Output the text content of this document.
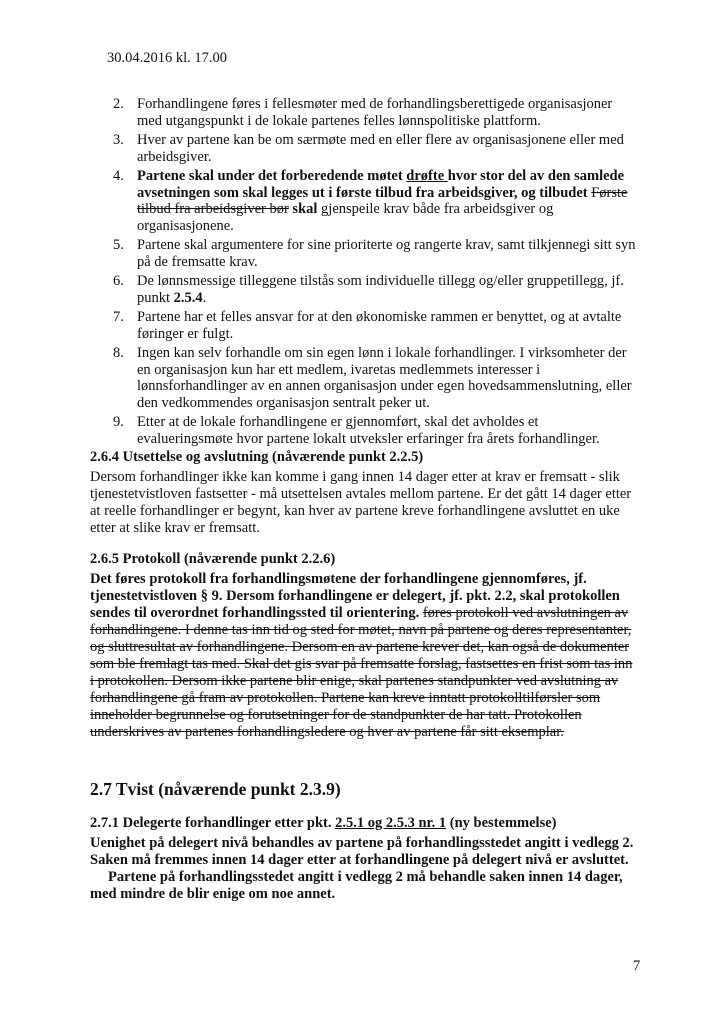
30.04.2016 kl. 17.00
2. Forhandlingene føres i fellesmøter med de forhandlingsberettigede organisasjoner med utgangspunkt i de lokale partenes felles lønnspolitiske plattform.
3. Hver av partene kan be om særmøte med en eller flere av organisasjonene eller med arbeidsgiver.
4. Partene skal under det forberedende møtet drøfte hvor stor del av den samlede avsetningen som skal legges ut i første tilbud fra arbeidsgiver, og tilbudet Første tilbud fra arbeidsgiver bør skal gjenspeile krav både fra arbeidsgiver og organisasjonene.
5. Partene skal argumentere for sine prioriterte og rangerte krav, samt tilkjennegi sitt syn på de fremsatte krav.
6. De lønnsmessige tilleggene tilstås som individuelle tillegg og/eller gruppetillegg, jf. punkt 2.5.4.
7. Partene har et felles ansvar for at den økonomiske rammen er benyttet, og at avtalte føringer er fulgt.
8. Ingen kan selv forhandle om sin egen lønn i lokale forhandlinger. I virksomheter der en organisasjon kun har ett medlem, ivaretas medlemmets interesser i lønnsforhandlinger av en annen organisasjon under egen hovedsammenslutning, eller den vedkommendes organisasjon sentralt peker ut.
9. Etter at de lokale forhandlingene er gjennomført, skal det avholdes et evalueringsmøte hvor partene lokalt utveksler erfaringer fra årets forhandlinger.
2.6.4 Utsettelse og avslutning (nåværende punkt 2.2.5)
Dersom forhandlinger ikke kan komme i gang innen 14 dager etter at krav er fremsatt - slik tjenestetvistloven fastsetter - må utsettelsen avtales mellom partene. Er det gått 14 dager etter at reelle forhandlinger er begynt, kan hver av partene kreve forhandlingene avsluttet en uke etter at slike krav er fremsatt.
2.6.5 Protokoll (nåværende punkt 2.2.6)
Det føres protokoll fra forhandlingsmøtene der forhandlingene gjennomføres, jf. tjenestetvistloven § 9. Dersom forhandlingene er delegert, jf. pkt. 2.2, skal protokollen sendes til overordnet forhandlingssted til orientering. føres protokoll ved avslutningen av forhandlingene. I denne tas inn tid og sted for møtet, navn på partene og deres representanter, og sluttresultat av forhandlingene. Dersom en av partene krever det, kan også de dokumenter som ble fremlagt tas med. Skal det gis svar på fremsatte forslag, fastsettes en frist som tas inn i protokollen. Dersom ikke partene blir enige, skal partenes standpunkter ved avslutning av forhandlingene gå fram av protokollen. Partene kan kreve inntatt protokolltilførsler som inneholder begrunnelse og forutsetninger for de standpunkter de har tatt. Protokollen underskrives av partenes forhandlingsledere og hver av partene får sitt eksemplar.
2.7 Tvist (nåværende punkt 2.3.9)
2.7.1 Delegerte forhandlinger etter pkt. 2.5.1 og 2.5.3 nr. 1 (ny bestemmelse)
Uenighet på delegert nivå behandles av partene på forhandlingsstedet angitt i vedlegg 2. Saken må fremmes innen 14 dager etter at forhandlingene på delegert nivå er avsluttet.
Partene på forhandlingsstedet angitt i vedlegg 2 må behandle saken innen 14 dager, med mindre de blir enige om noe annet.
7
